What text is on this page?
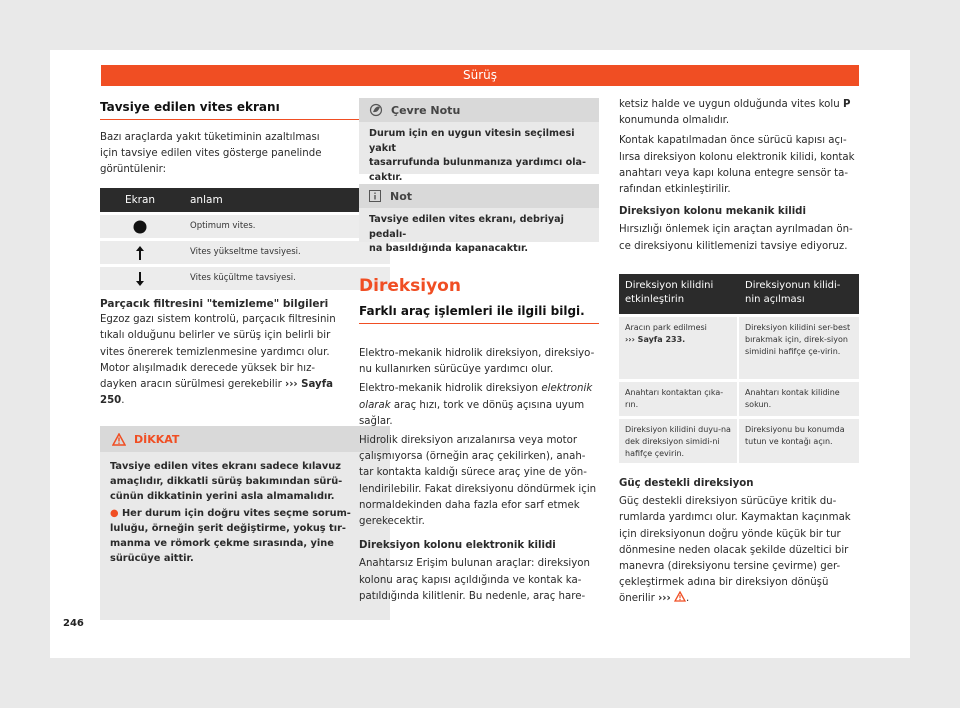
Sürüş
Tavsiye edilen vites ekranı

Bazı araçlarda yakıt tüketiminin azaltılması

için tavsiye edilen vites gösterge panelinde

görüntülenir:

Ekran	anlam
Optimum vites.
Vites yükseltme tavsiyesi.
Vites küçültme tavsiyesi.

Parçacık filtresini "temizleme" bilgileri

Egzoz gazı sistem kontrolü, parçacık filtresinin

tıkalı olduğunu belirler ve sürüş için belirli bir

vites önererek temizlenmesine yardımcı olur.

Motor alışılmadık derecede yüksek bir hız-

dayken aracın sürülmesi gerekebilir ››› Sayfa

250.

DİKKAT

Tavsiye edilen vites ekranı sadece kılavuz

amaçlıdır, dikkatli sürüş bakımından sürü-

cünün dikkatinin yerini asla almamalıdır.

● Her durum için doğru vites seçme sorum-

luluğu, örneğin şerit değiştirme, yokuş tır-

manma ve römork çekme sırasında, yine

sürücüye aittir.

Çevre Notu

Durum için en uygun vitesin seçilmesi yakıt

tasarrufunda bulunmanıza yardımcı ola-

caktır.

Not

Tavsiye edilen vites ekranı, debriyaj pedalı-

na basıldığında kapanacaktır.

Direksiyon
Farklı araç işlemleri ile ilgili bilgi.

Elektro-mekanik hidrolik direksiyon, direksiyo-

nu kullanırken sürücüye yardımcı olur.

Elektro-mekanik hidrolik direksiyon elektronik

olarak araç hızı, tork ve dönüş açısına uyum

sağlar.

Hidrolik direksiyon arızalanırsa veya motor

çalışmıyorsa (örneğin araç çekilirken), anah-

tar kontakta kaldığı sürece araç yine de yön-

lendirilebilir. Fakat direksiyonu döndürmek için

normaldekinden daha fazla efor sarf etmek

gerekecektir.

Direksiyon kolonu elektronik kilidi

Anahtarsız Erişim bulunan araçlar: direksiyon

kolonu araç kapısı açıldığında ve kontak ka-

patıldığında kilitlenir. Bu nedenle, araç hare-

ketsiz halde ve uygun olduğunda vites kolu P

konumunda olmalıdır.

Kontak kapatılmadan önce sürücü kapısı açı-

lırsa direksiyon kolonu elektronik kilidi, kontak

anahtarı veya kapı koluna entegre sensör ta-

rafından etkinleştirilir.

Direksiyon kolonu mekanik kilidi

Hırsızlığı önlemek için araçtan ayrılmadan ön-

ce direksiyonu kilitlemenizi tavsiye ediyoruz.

Direksiyon kilidini etkinleştirin
Direksiyonun kilidi-nin açılması
Aracın park edilmesi
››› Sayfa 233.
Direksiyon kilidini ser-best bırakmak için, direk-siyon simidini hafifçe çe-virin.
Anahtarı kontaktan çıka-rın.
Anahtarı kontak kilidine sokun.
Direksiyon kilidini duyu-na dek direksiyon simidi-ni hafifçe çevirin.
Direksiyonu bu konumda tutun ve kontağı açın.

Güç destekli direksiyon

Güç destekli direksiyon sürücüye kritik du-

rumlarda yardımcı olur. Kaymaktan kaçınmak

için direksiyonun doğru yönde küçük bir tur

dönmesine neden olacak şekilde düzeltici bir

manevra (direksiyonu tersine çevirme) ger-

çekleştirmek adına bir direksiyon dönüşü

önerilir ››› .

246
